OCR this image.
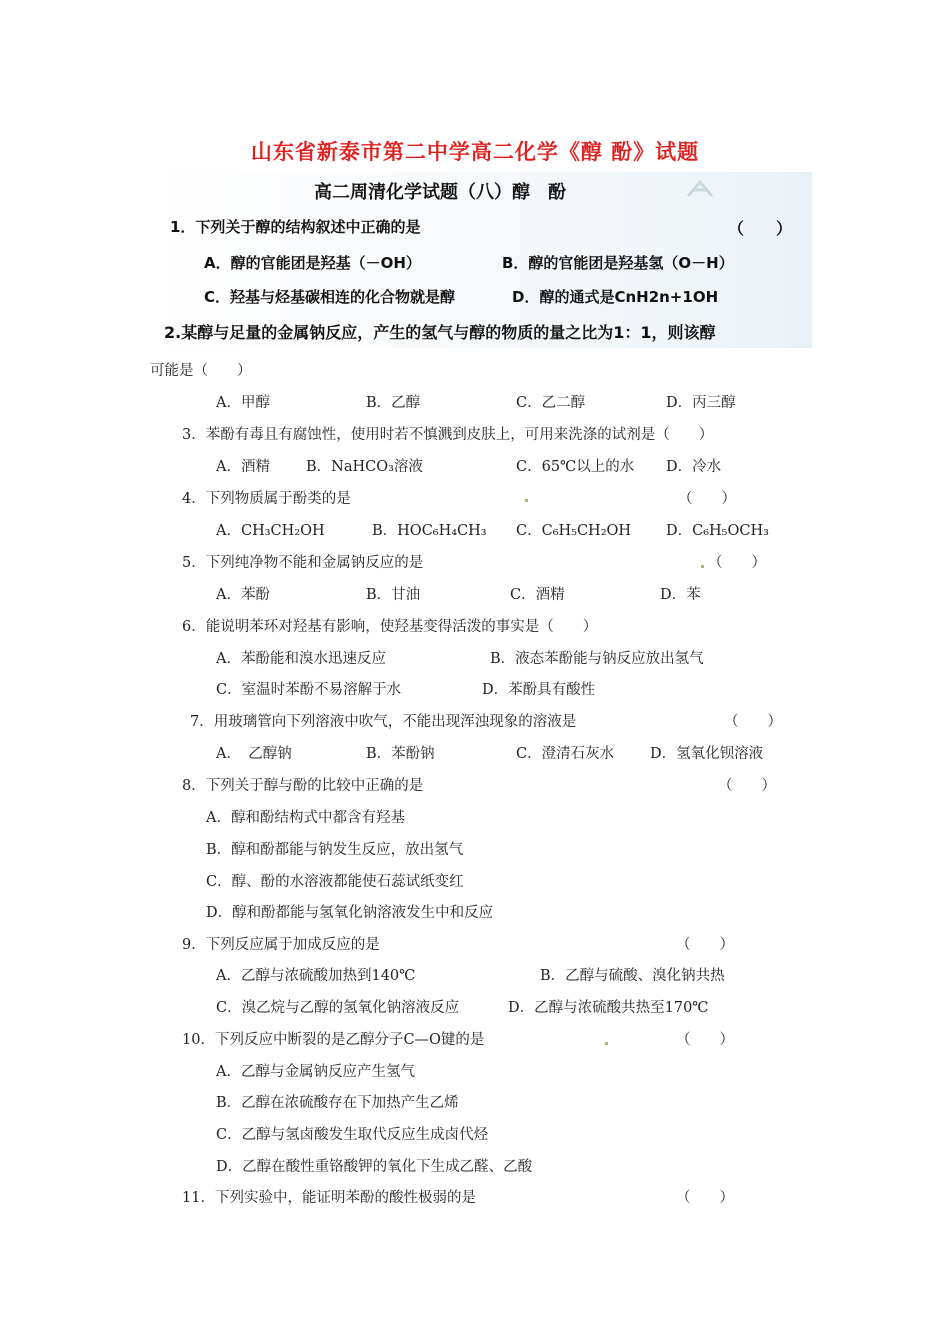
山东省新泰市第二中学高二化学《醇 酚》试题
高二周清化学试题（八）醇　酚
1．下列关于醇的结构叙述中正确的是	（　　）
A．醇的官能团是羟基（－OH）	B．醇的官能团是羟基氢（O－H）
C．羟基与烃基碳相连的化合物就是醇	D．醇的通式是CnH2n+1OH
2.某醇与足量的金属钠反应，产生的氢气与醇的物质的量之比为1：1，则该醇
可能是（　　）
A．甲醇	B．乙醇	C．乙二醇	D．丙三醇
3．苯酚有毒且有腐蚀性，使用时若不慎溅到皮肤上，可用来洗涤的试剂是（　　）
A．酒精 B．NaHCO₃溶液	C．65℃以上的水 D．冷水
4．下列物质属于酚类的是	（　　）
A．CH₃CH₂OH	B．HOC₆H₄CH₃ C．C₆H₅CH₂OH D．C₆H₅OCH₃
5．下列纯净物不能和金属钠反应的是	（　　）
A．苯酚	B．甘油	C．酒精	D．苯
6．能说明苯环对羟基有影响，使羟基变得活泼的事实是（　　）
A．苯酚能和溴水迅速反应	B．液态苯酚能与钠反应放出氢气
C．室温时苯酚不易溶解于水	D．苯酚具有酸性
7．用玻璃管向下列溶液中吹气，不能出现浑浊现象的溶液是	（　　）
A．　乙醇钠	B．苯酚钠	C．澄清石灰水 D．氢氧化钡溶液
8．下列关于醇与酚的比较中正确的是	（　　）
A．醇和酚结构式中都含有羟基
B．醇和酚都能与钠发生反应，放出氢气
C．醇、酚的水溶液都能使石蕊试纸变红
D．醇和酚都能与氢氧化钠溶液发生中和反应
9．下列反应属于加成反应的是	（　　）
A．乙醇与浓硫酸加热到140℃	B．乙醇与硫酸、溴化钠共热
C．溴乙烷与乙醇的氢氧化钠溶液反应	D．乙醇与浓硫酸共热至170℃
10．下列反应中断裂的是乙醇分子C—O键的是	（　　）
A．乙醇与金属钠反应产生氢气
B．乙醇在浓硫酸存在下加热产生乙烯
C．乙醇与氢卤酸发生取代反应生成卤代烃
D．乙醇在酸性重铬酸钾的氧化下生成乙醛、乙酸
11．下列实验中，能证明苯酚的酸性极弱的是	（　　）
